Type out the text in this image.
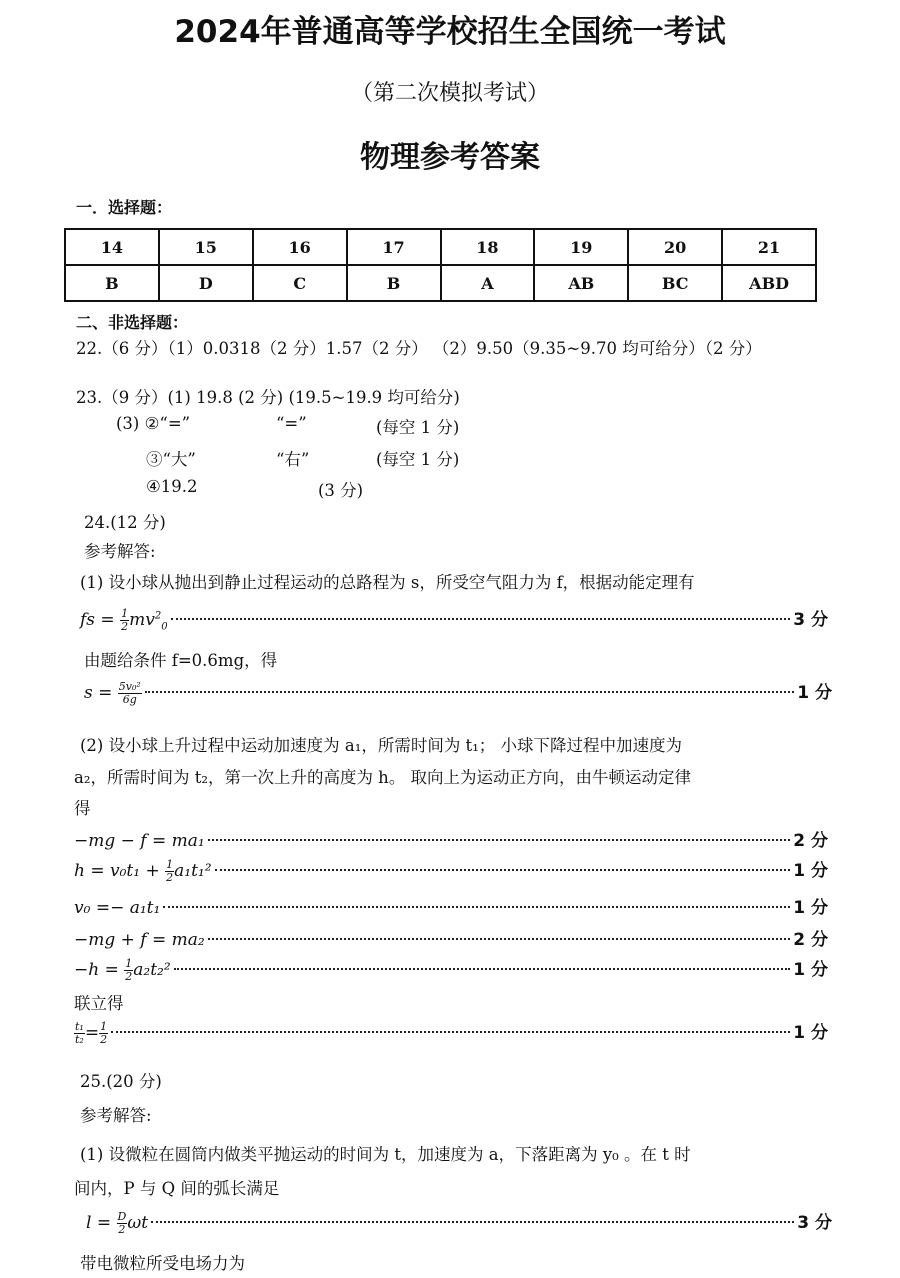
2024年普通高等学校招生全国统一考试
（第二次模拟考试）
物理参考答案
一．选择题：
14	15	16	17	18	19	20	21
B	D	C	B	A	AB	BC	ABD
二、非选择题：
22.（6 分）（1）0.0318（2 分）1.57（2 分） （2）9.50（9.35~9.70 均可给分）（2 分）
23.（9 分）(1) 19.8 (2 分) (19.5~19.9 均可给分)
(3) ②“=”	“=”	(每空 1 分)
③“大”	“右”	(每空 1 分)
④19.2	(3 分)
24.(12 分)
参考解答:
(1) 设小球从抛出到静止过程运动的总路程为 s，所受空气阻力为 f，根据动能定理有
fs = $\frac{1}{2} mv^2_0$	3 分
由题给条件 f=0.6mg，得
$s = \frac{\text{5v₀²}}{6g}$	1 分
(2) 设小球上升过程中运动加速度为 a₁，所需时间为 t₁； 小球下降过程中加速度为
a₂，所需时间为 t₂，第一次上升的高度为 h。 取向上为运动正方向，由牛顿运动定律
得
−mg − f = ma₁	2 分
$h = v_0t_1 + \frac{1}{2} a_1t_1^2$	1 分
v₀ =− a₁t₁	1 分
−mg + f = ma₂	2 分
$-h = \frac{1}{2} a_2t_2^2$	1 分
联立得
$\frac{\text{t₁}}{\text{t₂}} = \frac{1}{2}$	1 分
25.(20 分)
参考解答:
(1) 设微粒在圆筒内做类平抛运动的时间为 t，加速度为 a，下落距离为 y₀ 。在 t 时
间内，P 与 Q 间的弧长满足
$l = \frac{D}{2}$ ωt	3 分
带电微粒所受电场力为
